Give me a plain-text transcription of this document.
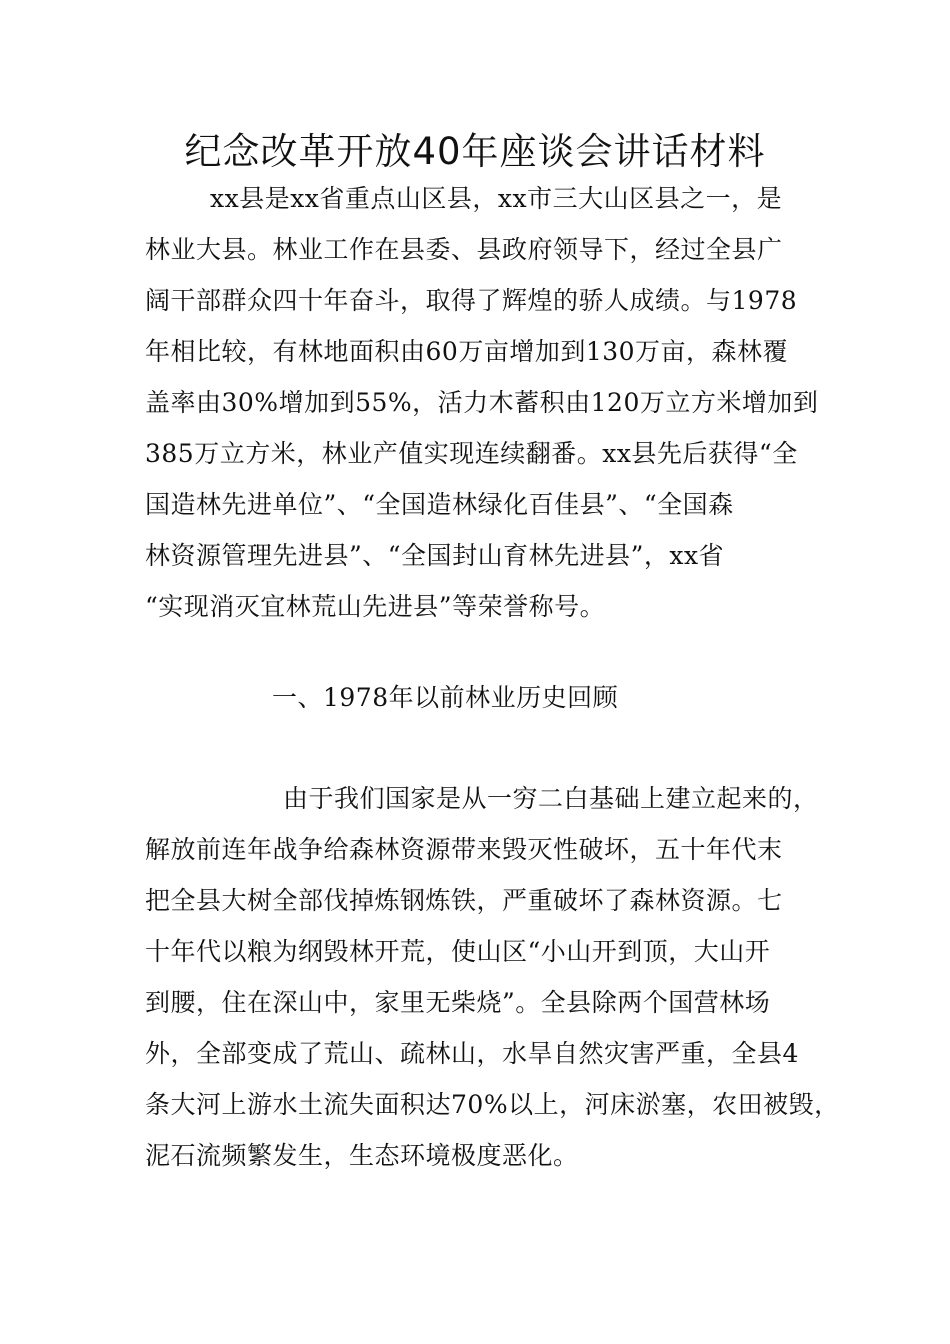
纪念改革开放40年座谈会讲话材料
xx县是xx省重点山区县，xx市三大山区县之一，是
林业大县。林业工作在县委、县政府领导下，经过全县广
阔干部群众四十年奋斗，取得了辉煌的骄人成绩。与1978
年相比较，有林地面积由60万亩增加到130万亩，森林覆
盖率由30%增加到55%，活力木蓄积由120万立方米增加到
385万立方米，林业产值实现连续翻番。xx县先后获得“全
国造林先进单位”、“全国造林绿化百佳县”、“全国森
林资源管理先进县”、“全国封山育林先进县”，xx省
“实现消灭宜林荒山先进县”等荣誉称号。
一、1978年以前林业历史回顾
由于我们国家是从一穷二白基础上建立起来的，
解放前连年战争给森林资源带来毁灭性破坏，五十年代末
把全县大树全部伐掉炼钢炼铁，严重破坏了森林资源。七
十年代以粮为纲毁林开荒，使山区“小山开到顶，大山开
到腰，住在深山中，家里无柴烧”。全县除两个国营林场
外，全部变成了荒山、疏林山，水旱自然灾害严重，全县4
条大河上游水土流失面积达70%以上，河床淤塞，农田被毁，
泥石流频繁发生，生态环境极度恶化。
